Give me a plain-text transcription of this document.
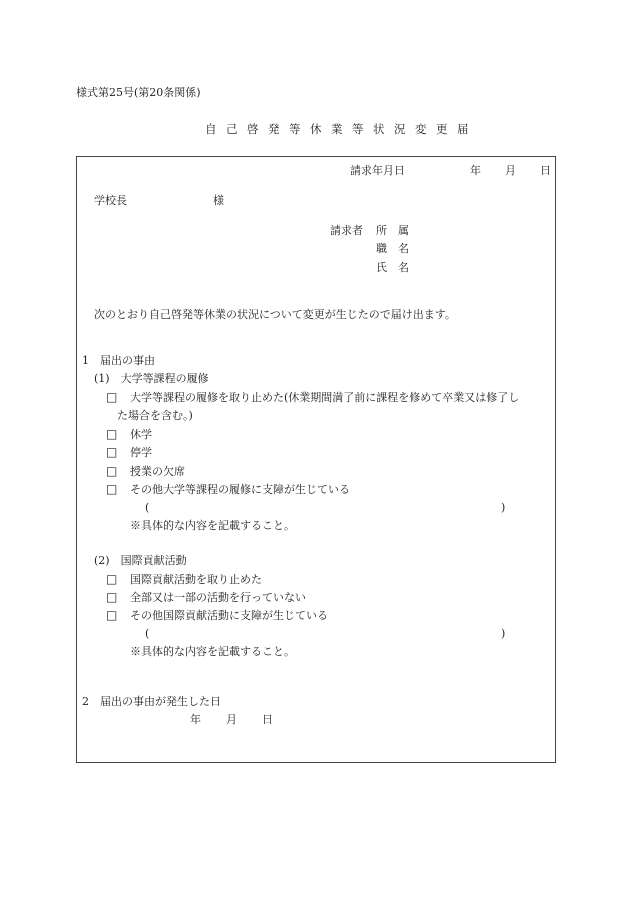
様式第25号(第20条関係)
自己啓発等休業等状況変更届
請求年月日	年 月 日
学校長	様
請求者 所 属
職 名
氏 名
次のとおり自己啓発等休業の状況について変更が生じたので届け出ます。
1　届出の事由
(1)　大学等課程の履修
□ 大学等課程の履修を取り止めた(休業期間満了前に課程を修めて卒業又は修了し
た場合を含む。)
□ 休学
□ 停学
□ 授業の欠席
□ その他大学等課程の履修に支障が生じている
(	)
※具体的な内容を記載すること。
(2)　国際貢献活動
□ 国際貢献活動を取り止めた
□ 全部又は一部の活動を行っていない
□ その他国際貢献活動に支障が生じている
(	)
※具体的な内容を記載すること。
2　届出の事由が発生した日
年 月 日
